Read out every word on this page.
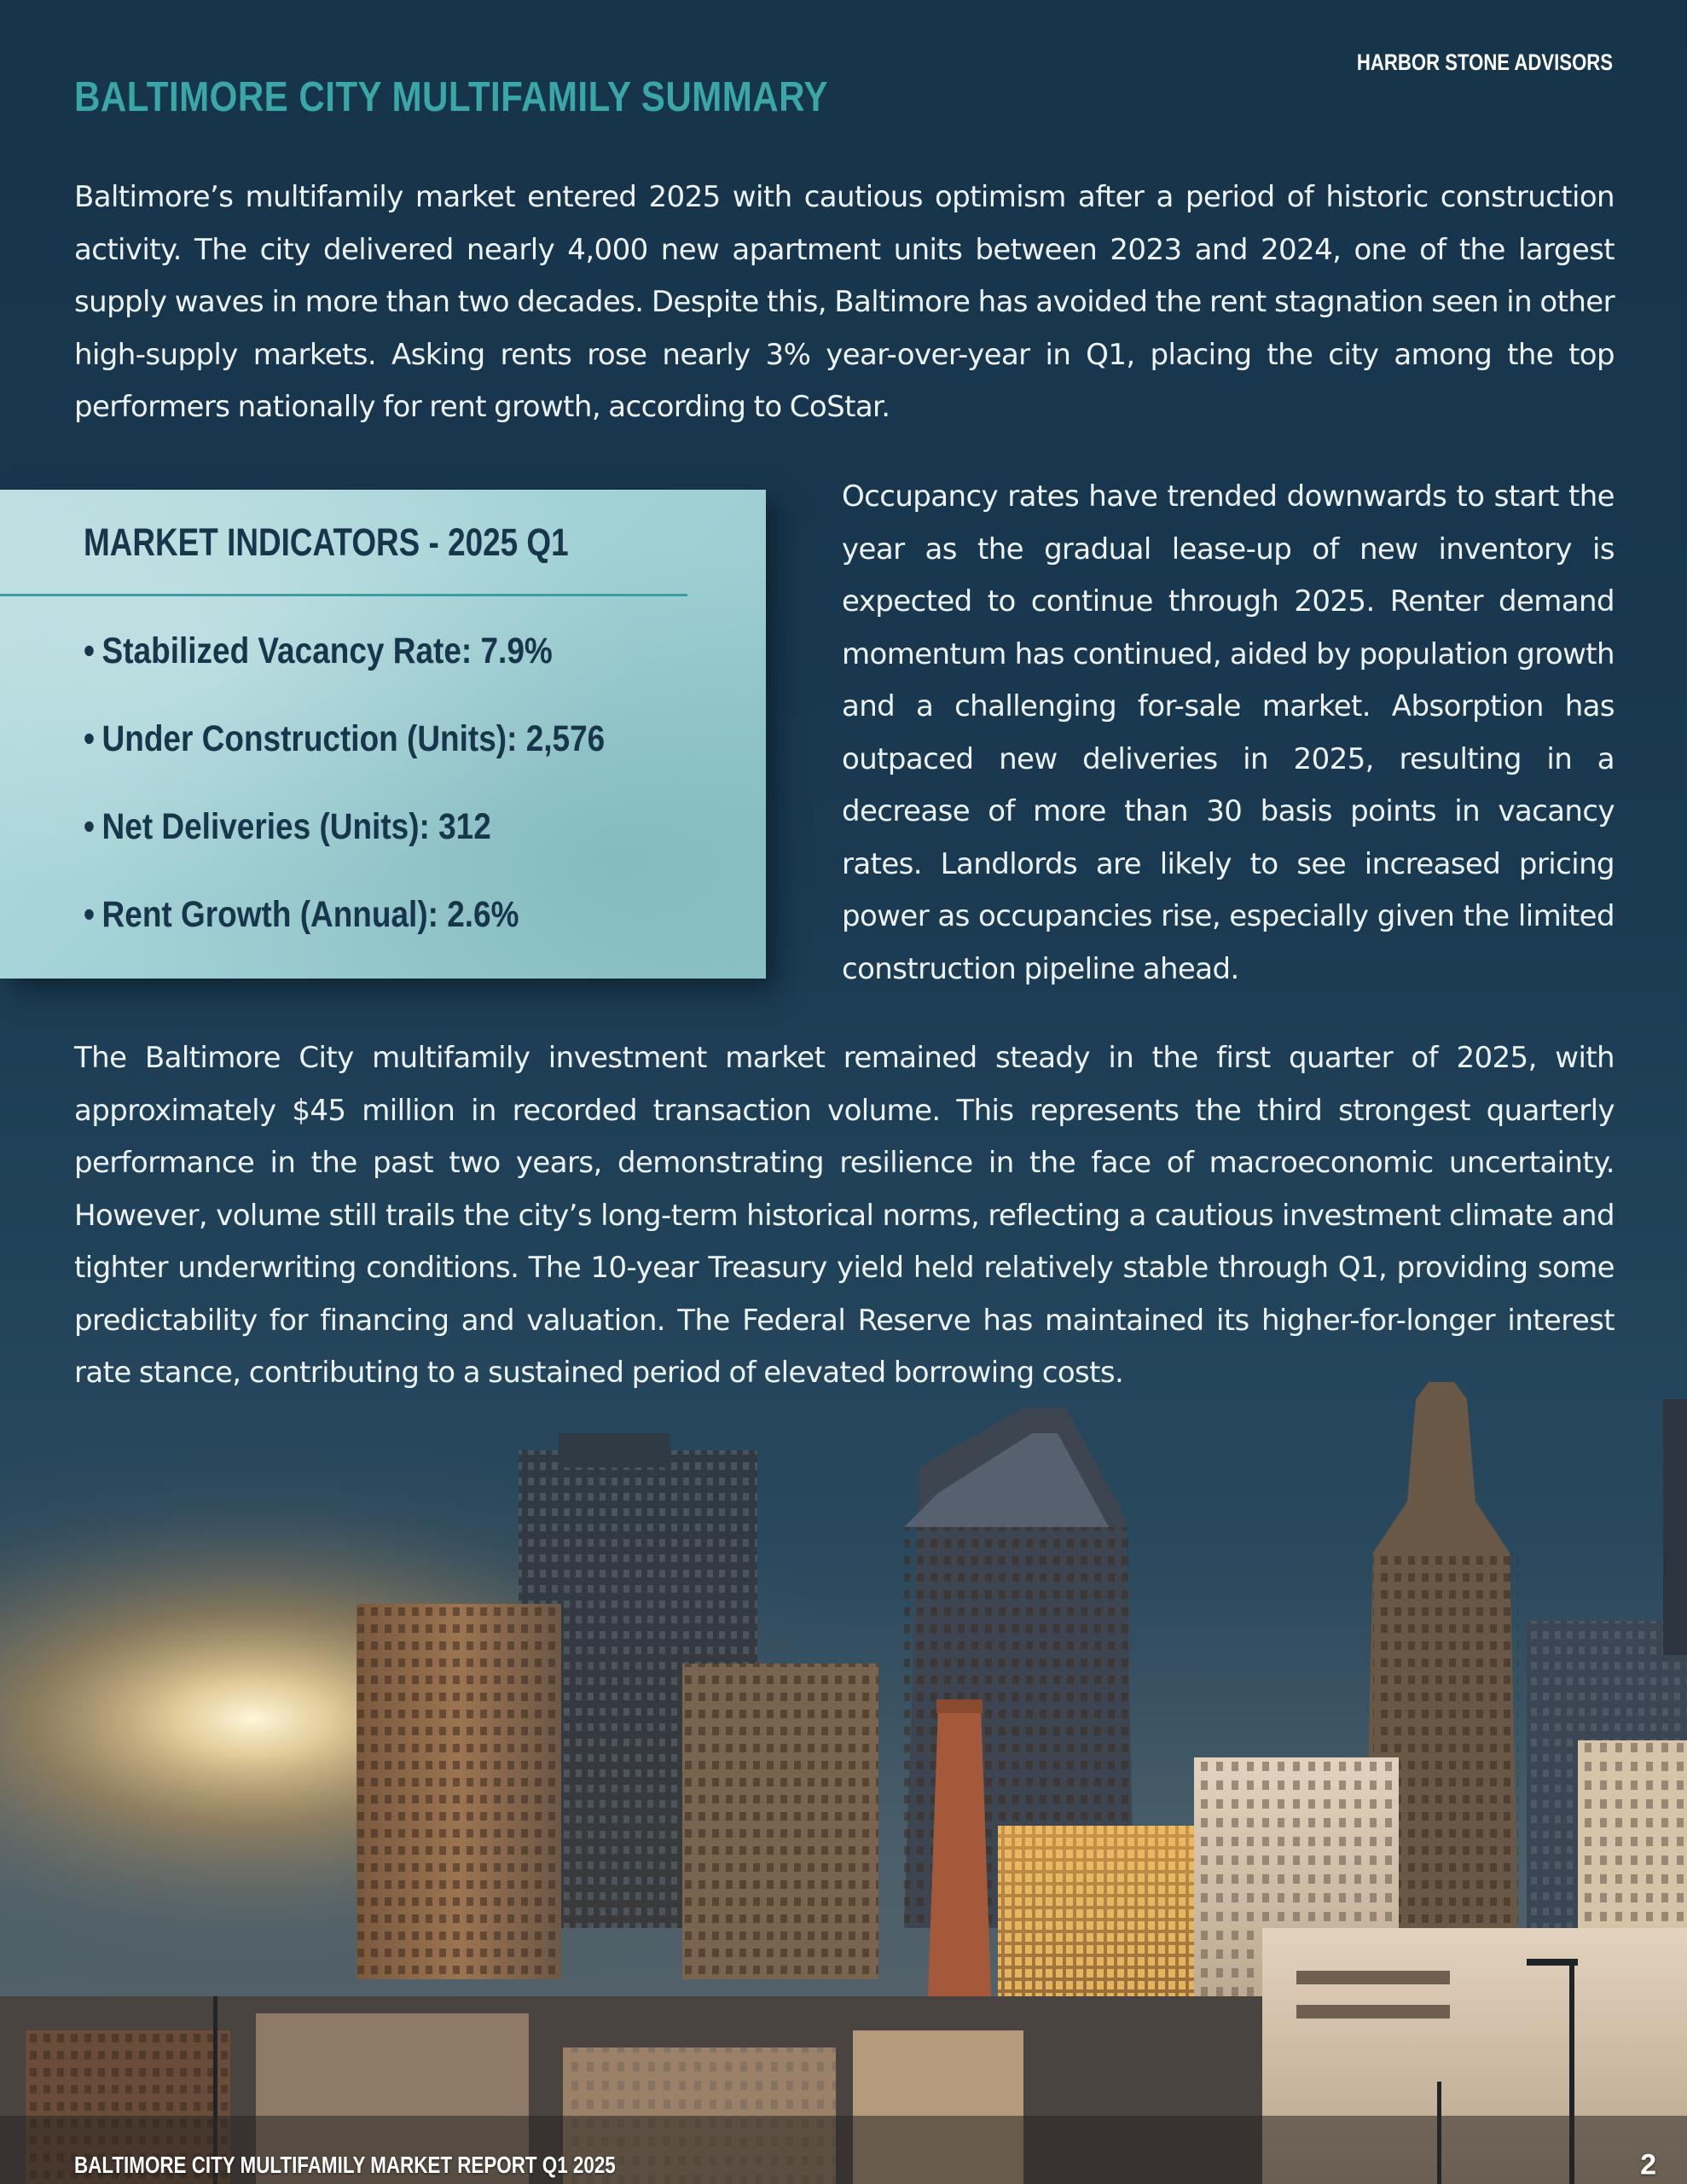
HARBOR STONE ADVISORS
BALTIMORE CITY MULTIFAMILY SUMMARY

Baltimore’s multifamily market entered 2025 with cautious optimism after a period of historic construction activity. The city delivered nearly 4,000 new apartment units between 2023 and 2024, one of the largest supply waves in more than two decades. Despite this, Baltimore has avoided the rent stagnation seen in other high-supply markets. Asking rents rose nearly 3% year-over-year in Q1, placing the city among the top performers nationally for rent growth, according to CoStar.

MARKET INDICATORS - 2025 Q1
• Stabilized Vacancy Rate: 7.9%
• Under Construction (Units): 2,576
• Net Deliveries (Units): 312
• Rent Growth (Annual): 2.6%

Occupancy rates have trended downwards to start the year as the gradual lease-up of new inventory is expected to continue through 2025. Renter demand momentum has continued, aided by population growth and a challenging for-sale market. Absorption has outpaced new deliveries in 2025, resulting in a decrease of more than 30 basis points in vacancy rates. Landlords are likely to see increased pricing power as occupancies rise, especially given the limited construction pipeline ahead.

The Baltimore City multifamily investment market remained steady in the first quarter of 2025, with approximately $45 million in recorded transaction volume. This represents the third strongest quarterly performance in the past two years, demonstrating resilience in the face of macroeconomic uncertainty. However, volume still trails the city’s long-term historical norms, reflecting a cautious investment climate and tighter underwriting conditions. The 10-year Treasury yield held relatively stable through Q1, providing some predictability for financing and valuation. The Federal Reserve has maintained its higher-for-longer interest rate stance, contributing to a sustained period of elevated borrowing costs.

BALTIMORE CITY MULTIFAMILY MARKET REPORT Q1 2025	2
